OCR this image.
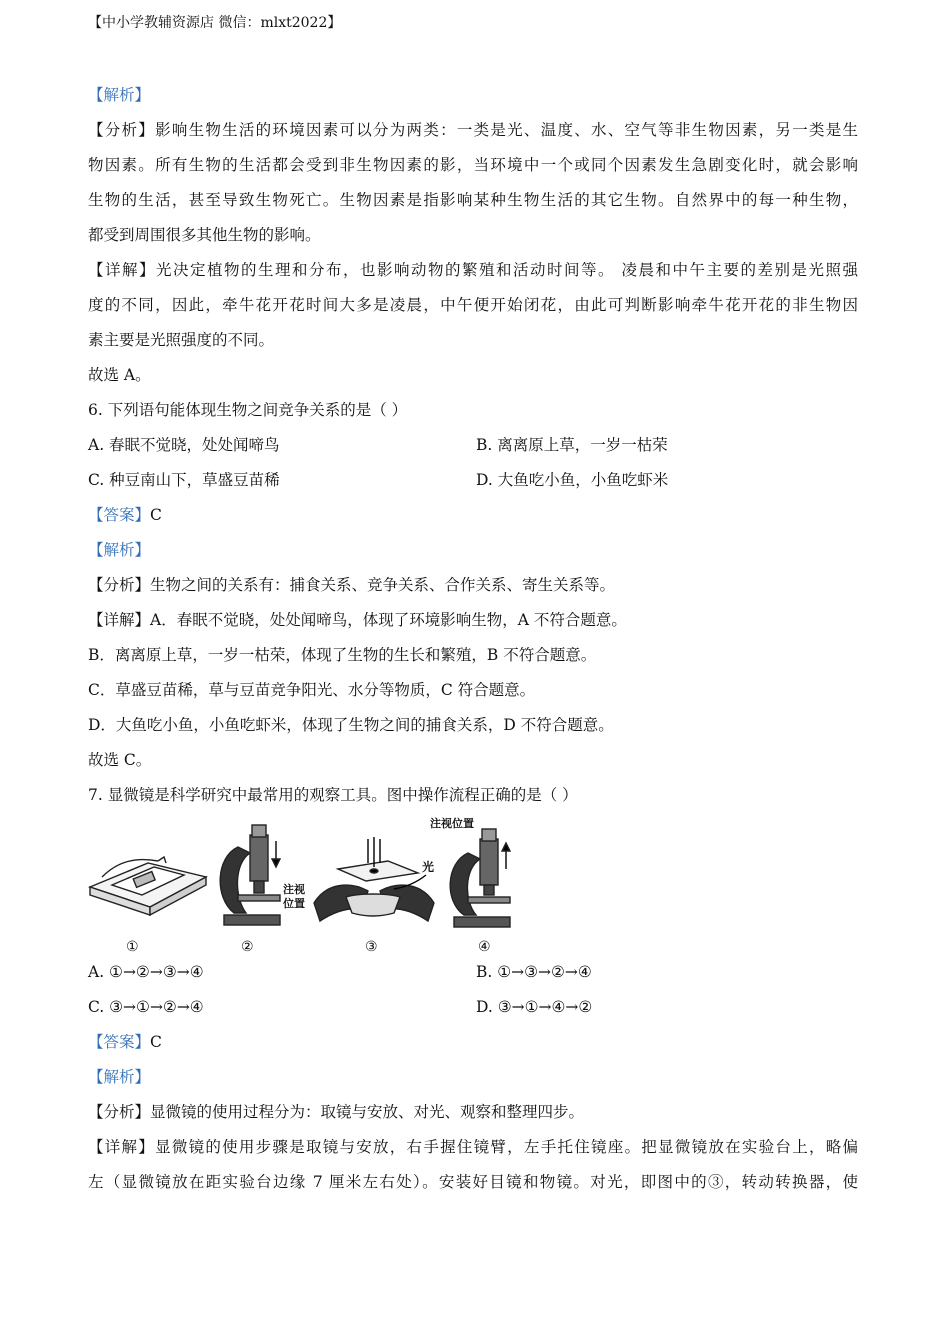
【中小学教辅资源店 微信：mlxt2022】
【解析】
【分析】影响生物生活的环境因素可以分为两类：一类是光、温度、水、空气等非生物因素，另一类是生
物因素。所有生物的生活都会受到非生物因素的影，当环境中一个或同个因素发生急剧变化时，就会影响
生物的生活，甚至导致生物死亡。生物因素是指影响某种生物生活的其它生物。自然界中的每一种生物，
都受到周围很多其他生物的影响。
【详解】光决定植物的生理和分布，也影响动物的繁殖和活动时间等。 凌晨和中午主要的差别是光照强
度的不同，因此，牵牛花开花时间大多是凌晨，中午便开始闭花，由此可判断影响牵牛花开花的非生物因
素主要是光照强度的不同。
故选 A。
6. 下列语句能体现生物之间竞争关系的是（ ）
A. 春眠不觉晓，处处闻啼鸟	B. 离离原上草，一岁一枯荣
C. 种豆南山下，草盛豆苗稀	D. 大鱼吃小鱼，小鱼吃虾米
【答案】C
【解析】
【分析】生物之间的关系有：捕食关系、竞争关系、合作关系、寄生关系等。
【详解】A．春眠不觉晓，处处闻啼鸟，体现了环境影响生物，A 不符合题意。
B．离离原上草，一岁一枯荣，体现了生物的生长和繁殖，B 不符合题意。
C．草盛豆苗稀，草与豆苗竞争阳光、水分等物质，C 符合题意。
D．大鱼吃小鱼，小鱼吃虾米，体现了生物之间的捕食关系，D 不符合题意。
故选 C。
7. 显微镜是科学研究中最常用的观察工具。图中操作流程正确的是（ ）
注视
位置
光
注视位置
①	②	③	④
A. ①→②→③→④	B. ①→③→②→④
C. ③→①→②→④	D. ③→①→④→②
【答案】C
【解析】
【分析】显微镜的使用过程分为：取镜与安放、对光、观察和整理四步。
【详解】显微镜的使用步骤是取镜与安放，右手握住镜臂，左手托住镜座。把显微镜放在实验台上，略偏
左（显微镜放在距实验台边缘 7 厘米左右处）。安装好目镜和物镜。对光，即图中的③，转动转换器，使
